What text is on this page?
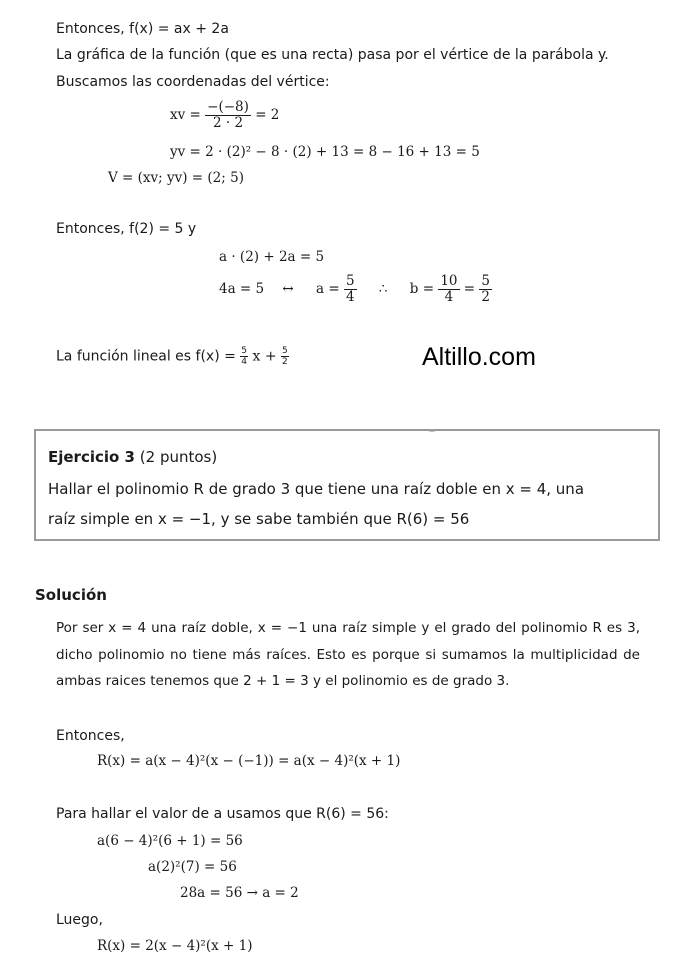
Entonces, f(x) = ax + 2a
La gráfica de la función (que es una recta) pasa por el vértice de la parábola y.
Buscamos las coordenadas del vértice:
xv = $\frac{-(-8)}{2 \cdot 2} = 2$
yv = 2 · (2)² − 8 · (2) + 13 = 8 − 16 + 13 = 5
V = (xv; yv) = (2; 5)
Entonces, f(2) = 5 y
a · (2) + 2a = 5
4a = 5 ↔ $a = \frac{5}{4}$ ∴ $b = \frac{10}{4} = \frac{5}{2}$
La función lineal es $f(x) = \frac{5}{4}$ $x + \frac{5}{2}$	Altillo.com
Ejercicio 3 (2 puntos)
Hallar el polinomio R de grado 3 que tiene una raíz doble en x = 4, una
raíz simple en x = −1, y se sabe también que R(6) = 56
Solución
Por ser x = 4 una raíz doble, x = −1 una raíz simple y el grado del polinomio R es 3, dicho polinomio no tiene más raíces. Esto es porque si sumamos la multiplicidad de ambas raices tenemos que 2 + 1 = 3 y el polinomio es de grado 3.
Entonces,
R(x) = a(x − 4)²(x − (−1)) = a(x − 4)²(x + 1)
Para hallar el valor de a usamos que R(6) = 56:
a(6 − 4)²(6 + 1) = 56
a(2)²(7) = 56
28a = 56 → a = 2
Luego,
R(x) = 2(x − 4)²(x + 1)
